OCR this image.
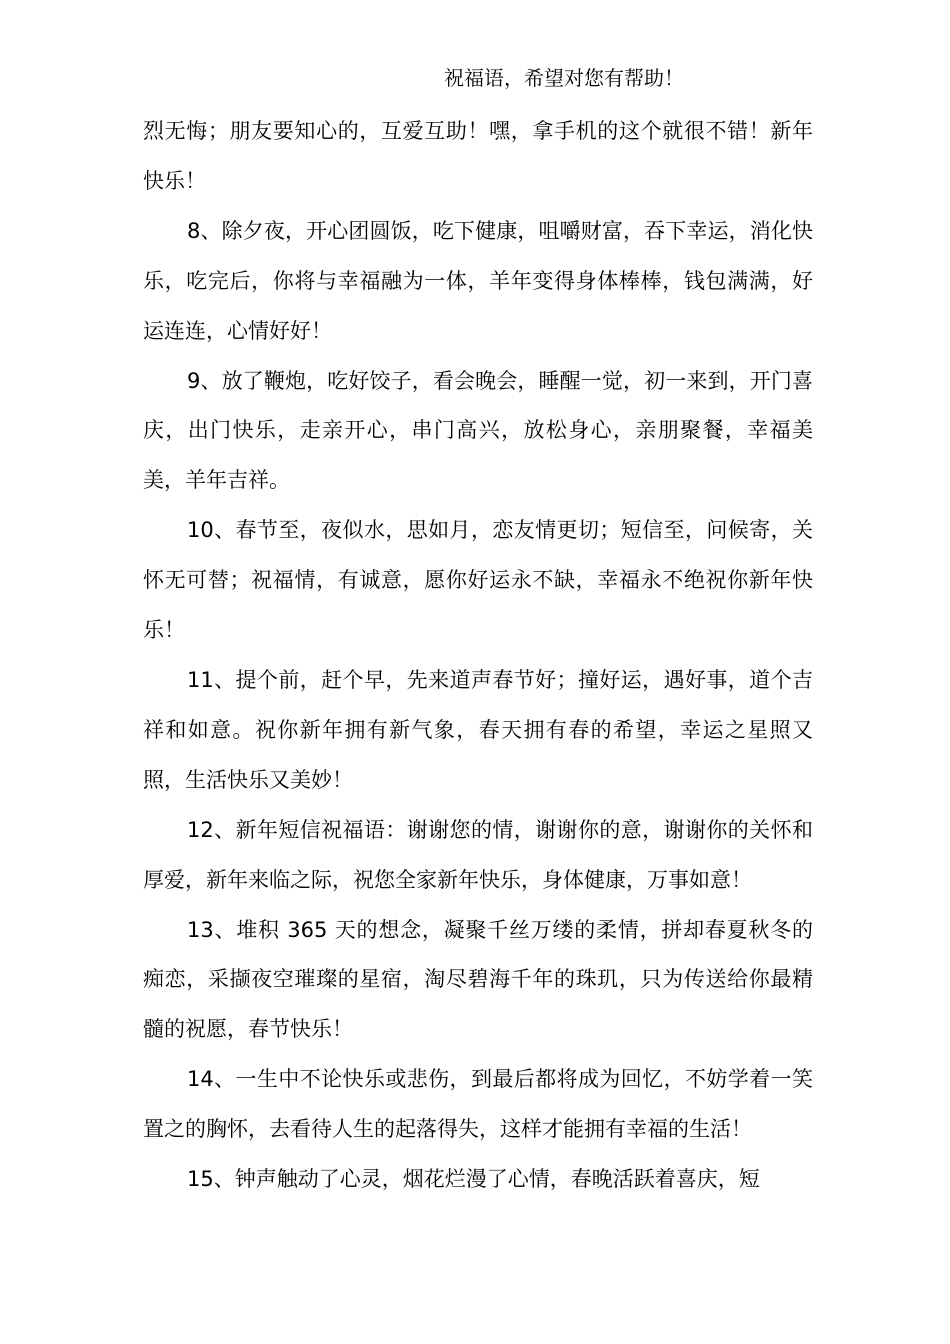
祝福语，希望对您有帮助！

烈无悔；朋友要知心的，互爱互助！嘿，拿手机的这个就很不错！新年快乐！

8、除夕夜，开心团圆饭，吃下健康，咀嚼财富，吞下幸运，消化快乐，吃完后，你将与幸福融为一体，羊年变得身体棒棒，钱包满满，好运连连，心情好好！

9、放了鞭炮，吃好饺子，看会晚会，睡醒一觉，初一来到，开门喜庆，出门快乐，走亲开心，串门高兴，放松身心，亲朋聚餐，幸福美美，羊年吉祥。

10、春节至，夜似水，思如月，恋友情更切；短信至，问候寄，关怀无可替；祝福情，有诚意，愿你好运永不缺，幸福永不绝祝你新年快乐！

11、提个前，赶个早，先来道声春节好；撞好运，遇好事，道个吉祥和如意。祝你新年拥有新气象，春天拥有春的希望，幸运之星照又照，生活快乐又美妙！

12、新年短信祝福语：谢谢您的情，谢谢你的意，谢谢你的关怀和厚爱，新年来临之际，祝您全家新年快乐，身体健康，万事如意！

13、堆积 365 天的想念，凝聚千丝万缕的柔情，拼却春夏秋冬的痴恋，采撷夜空璀璨的星宿，淘尽碧海千年的珠玑，只为传送给你最精髓的祝愿，春节快乐！

14、一生中不论快乐或悲伤，到最后都将成为回忆，不妨学着一笑置之的胸怀，去看待人生的起落得失，这样才能拥有幸福的生活！

15、钟声触动了心灵，烟花烂漫了心情，春晚活跃着喜庆，短
